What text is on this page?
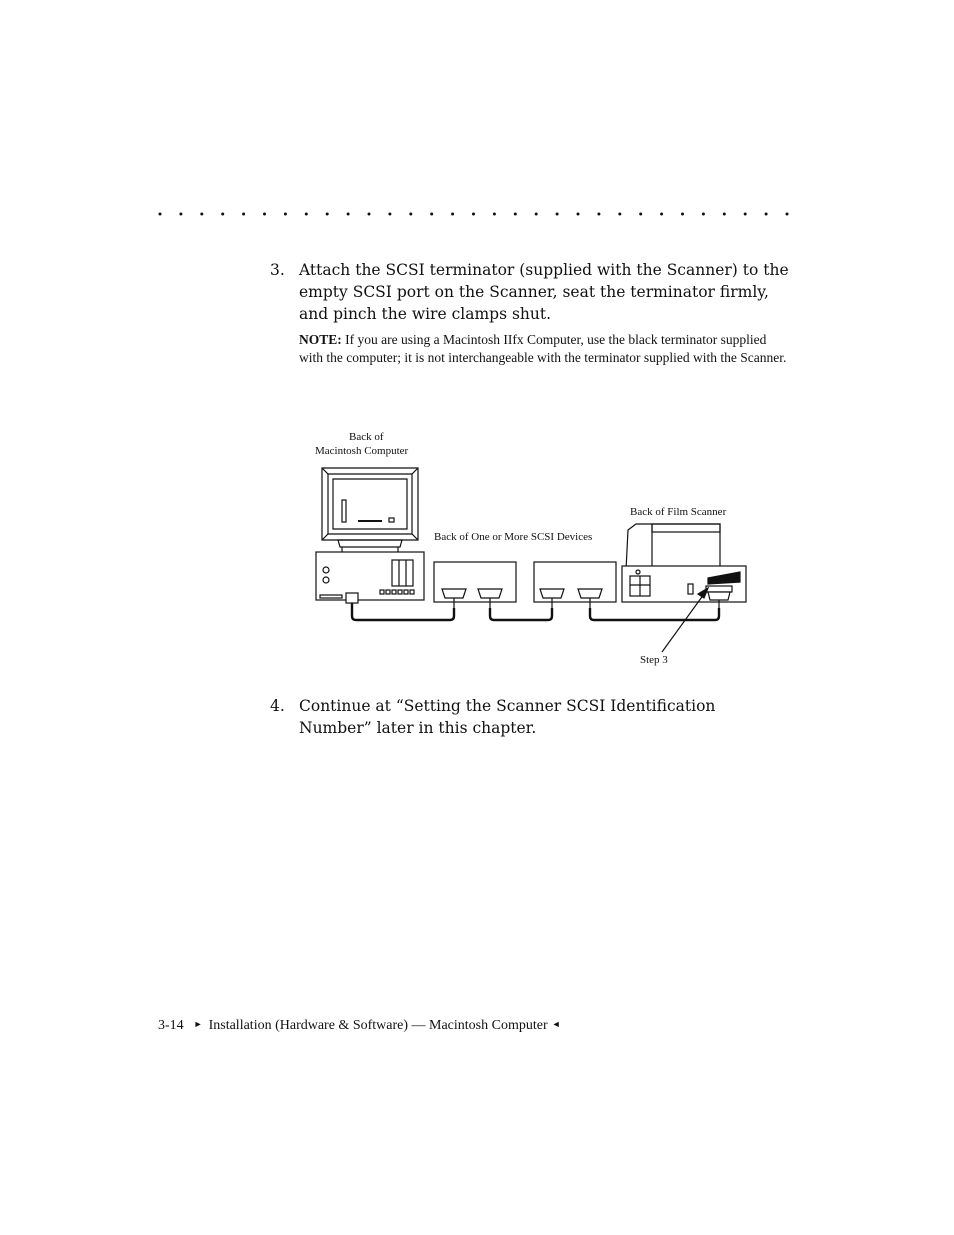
3. Attach the SCSI terminator (supplied with the Scanner) to the empty SCSI port on the Scanner, seat the terminator firmly, and pinch the wire clamps shut.
NOTE: If you are using a Macintosh IIfx Computer, use the black terminator supplied with the computer; it is not interchangeable with the terminator supplied with the Scanner.
Back of
Macintosh Computer
Back of Film Scanner
Back of One or More SCSI Devices
Step 3
4. Continue at “Setting the Scanner SCSI Identification Number” later in this chapter.
3-14 ► Installation (Hardware & Software) — Macintosh Computer ◄
